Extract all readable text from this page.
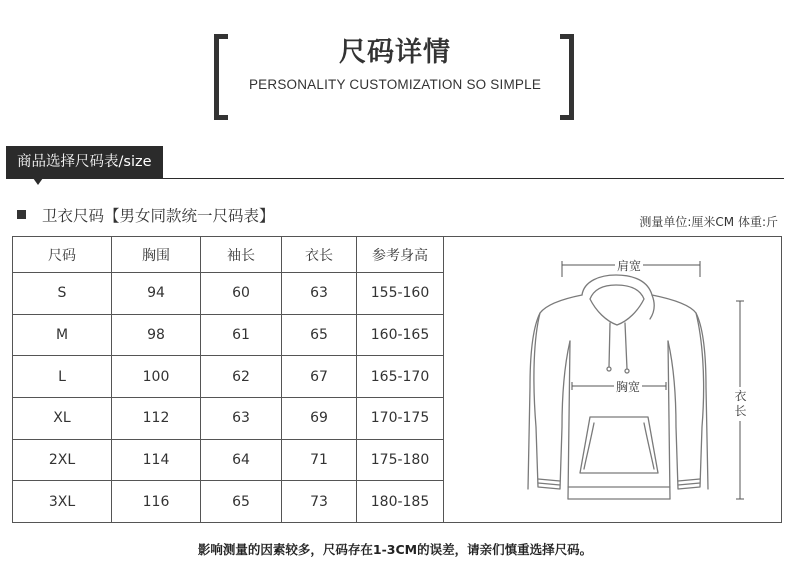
尺码详情
PERSONALITY CUSTOMIZATION SO SIMPLE
商品选择尺码表/size
卫衣尺码【男女同款统一尺码表】	测量单位:厘米CM 体重:斤
尺码	胸围	袖长	衣长	参考身高
S	94	60	63	155-160
M	98	61	65	160-165
L	100	62	67	165-170
XL	112	63	69	170-175
2XL	114	64	71	175-180
3XL	116	65	73	180-185
肩宽
胸宽
衣长
影响测量的因素较多，尺码存在1-3CM的误差，请亲们慎重选择尺码。
